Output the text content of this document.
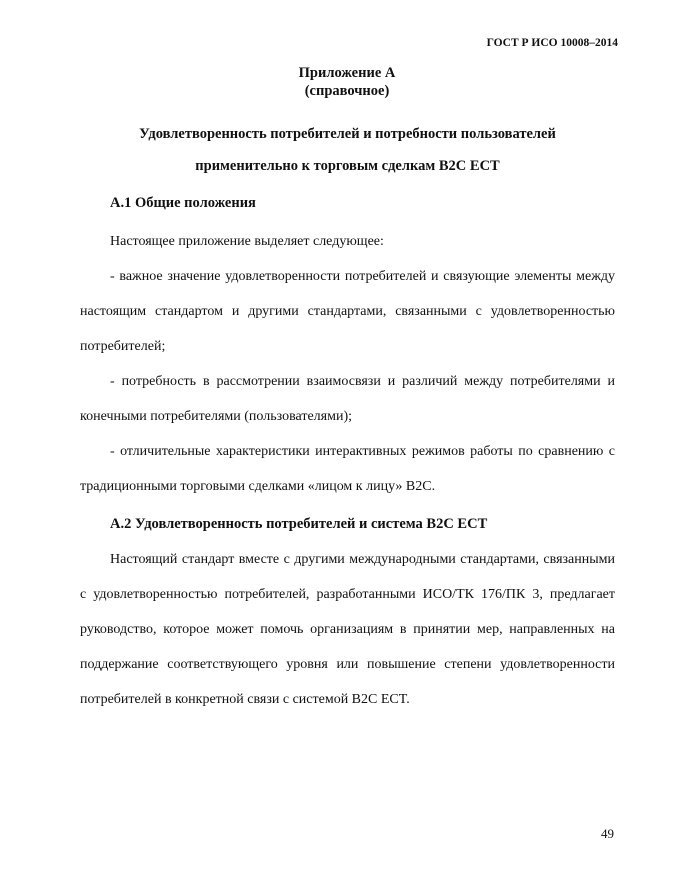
ГОСТ Р ИСО 10008–2014
Приложение А
(справочное)
Удовлетворенность потребителей и потребности пользователей
применительно к торговым сделкам B2C ECT
А.1 Общие положения

Настоящее приложение выделяет следующее:

- важное значение удовлетворенности потребителей и связующие элементы между настоящим стандартом и другими стандартами, связанными с удовлетворенностью потребителей;

- потребность в рассмотрении взаимосвязи и различий между потребителями и конечными потребителями (пользователями);

- отличительные характеристики интерактивных режимов работы по сравнению с традиционными торговыми сделками «лицом к лицу» B2C.

А.2 Удовлетворенность потребителей и система B2C ECT

Настоящий стандарт вместе с другими международными стандартами, связанными с удовлетворенностью потребителей, разработанными ИСО/ТК 176/ПК 3, предлагает руководство, которое может помочь организациям в принятии мер, направленных на поддержание соответствующего уровня или повышение степени удовлетворенности потребителей в конкретной связи с системой B2C ECT.

49
